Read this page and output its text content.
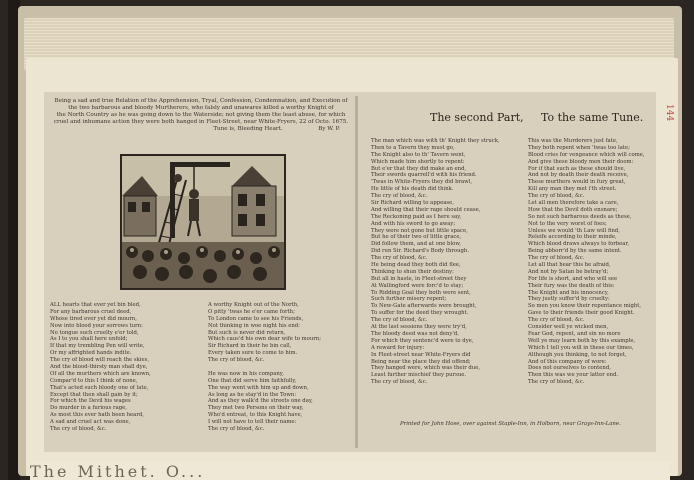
Being a sad and true Relation of the Apprehension, Tryal, Confession, Condemnation, and Execution of
the two barbarous and bloody Murtherers, who falsly and unawares killed a worthy Knight of
the North Country as he was going down to the Waterside; not giving them the least abuse, for which
cruel and inhumane action they were both hanged in Fleet-Street, near White-Fryers, 22 of Octo. 1675.
Tune is, Bleeding Heart.	By W. P.
ALL hearts that ever yet bin bled,
For any barbarous cruel deed,
Whose tired ever yet did mourn,
Now into blood your sorrows turn:
No tongue such cruelty e'er told,
As I to you shall here unfold;
If that my trembling Pen will write,
Or my affrighted hands indite.
The cry of blood will reach the skies,
And the blood-thirsty man shall dye,
Of all the murthers which are known,
Compar'd to this I think of none,
That's acted such bloody one of late,
Except that then shall gain by it;
For which the Devil his wages
Do murder in a furious rage,
As most this ever hath been heard,
A sad and cruel act was done,
The cry of blood, &c.
A worthy Knight out of the North,
O pitty 'twas he e'er came forth;
To London came to see his Friends,
Not thinking in woe night his end:
But such is never did return,
Which caus'd his own dear wife to mourn;
Sir Richard in their he bin call,
Every taken sure to come to him.
The cry of blood, &c.
He was now in his company,
One that did serve him faithfully,
The way went with him up and down,
As long as he stay'd in the Town:
And as they walk'd the streets one day,
They met two Persons on their way,
Who'd entreat, to this Knight have,
I will not have to tell their name:
The cry of blood, &c.
The second Part, To the same Tune.
The man which was with th' Knight they struck,
Then to a Tavern they must go,
The Knight also to th' Tavern went,
Which made him shortly to repent:
But e'er that they did make an end,
Their swords quarrell'd with his friend.
'Twas in White-Fryers they did brawl,
He little of his death did think.
The cry of blood, &c.
Sir Richard willing to appease,
And willing that their rage should cease,
The Reckoning paid as I here say,
And with his sword to go away;
They were not gone but little space,
But he of their two of little grace,
Did follow them, and at one blow,
Did run Sir. Richard's Body through.
The cry of blood, &c.
He being dead they both did flee,
Thinking to shun their destiny:
But all in haste, in Fleet-street they
At Wallingford were forc'd to stay;
To Ridding Goal they both were sent,
Such further misery repent;
To New-Gate afterwards were brought,
To suffer for the deed they wrought.
The cry of blood, &c.
At the last sessions they were try'd,
The bloody deed was not deny'd,
For which they sentenc'd were to dye,
A reward for injury:
In Fleet-street near White-Fryers did
Being near the place they did offend;
They hanged were, which was their due,
Least further mischief they pursue.
The cry of blood, &c.
This was the Murderers just fate,
They both repent when 'twas too late;
Blood cries for vengeance which will come,
And give these bloody men their doom:
For if that such as these should live,
And not by death their death receive,
These murthers would in fury great,
Kill any man they met i'th street.
The cry of blood, &c.
Let all men therefore take a care,
How that the Devil doth ensnare;
So not such barbarous deeds as these,
Not to the very worst of foes;
Unless we would 'th Law will find,
Releife according to their minde,
Which blood draws always to forbear,
Being abhorr'd by the same intent.
The cry of blood, &c.
Let all that hear this be afraid,
And not by Satan be betray'd;
For life is short, and who will see
Their fury was the death of this:
The Knight and his innocency,
They justly suffer'd by cruelty:
So men you know their repentance might,
Gave to their friends their good Knight.
The cry of blood, &c.
Consider well ye wicked men,
Fear God, repent, and sin no more
Well ye may learn both by this example,
Which I tell you will in these our times,
Although you thinking, to not forget,
And of this company of wore:
Does not ourselves to contend,
Then this was we your latter end.
The cry of blood, &c.
Printed for John Hose, over against Staple-Inn, in Holborn, near Grays-Inn-Lane.
144
The Mithet. O...
